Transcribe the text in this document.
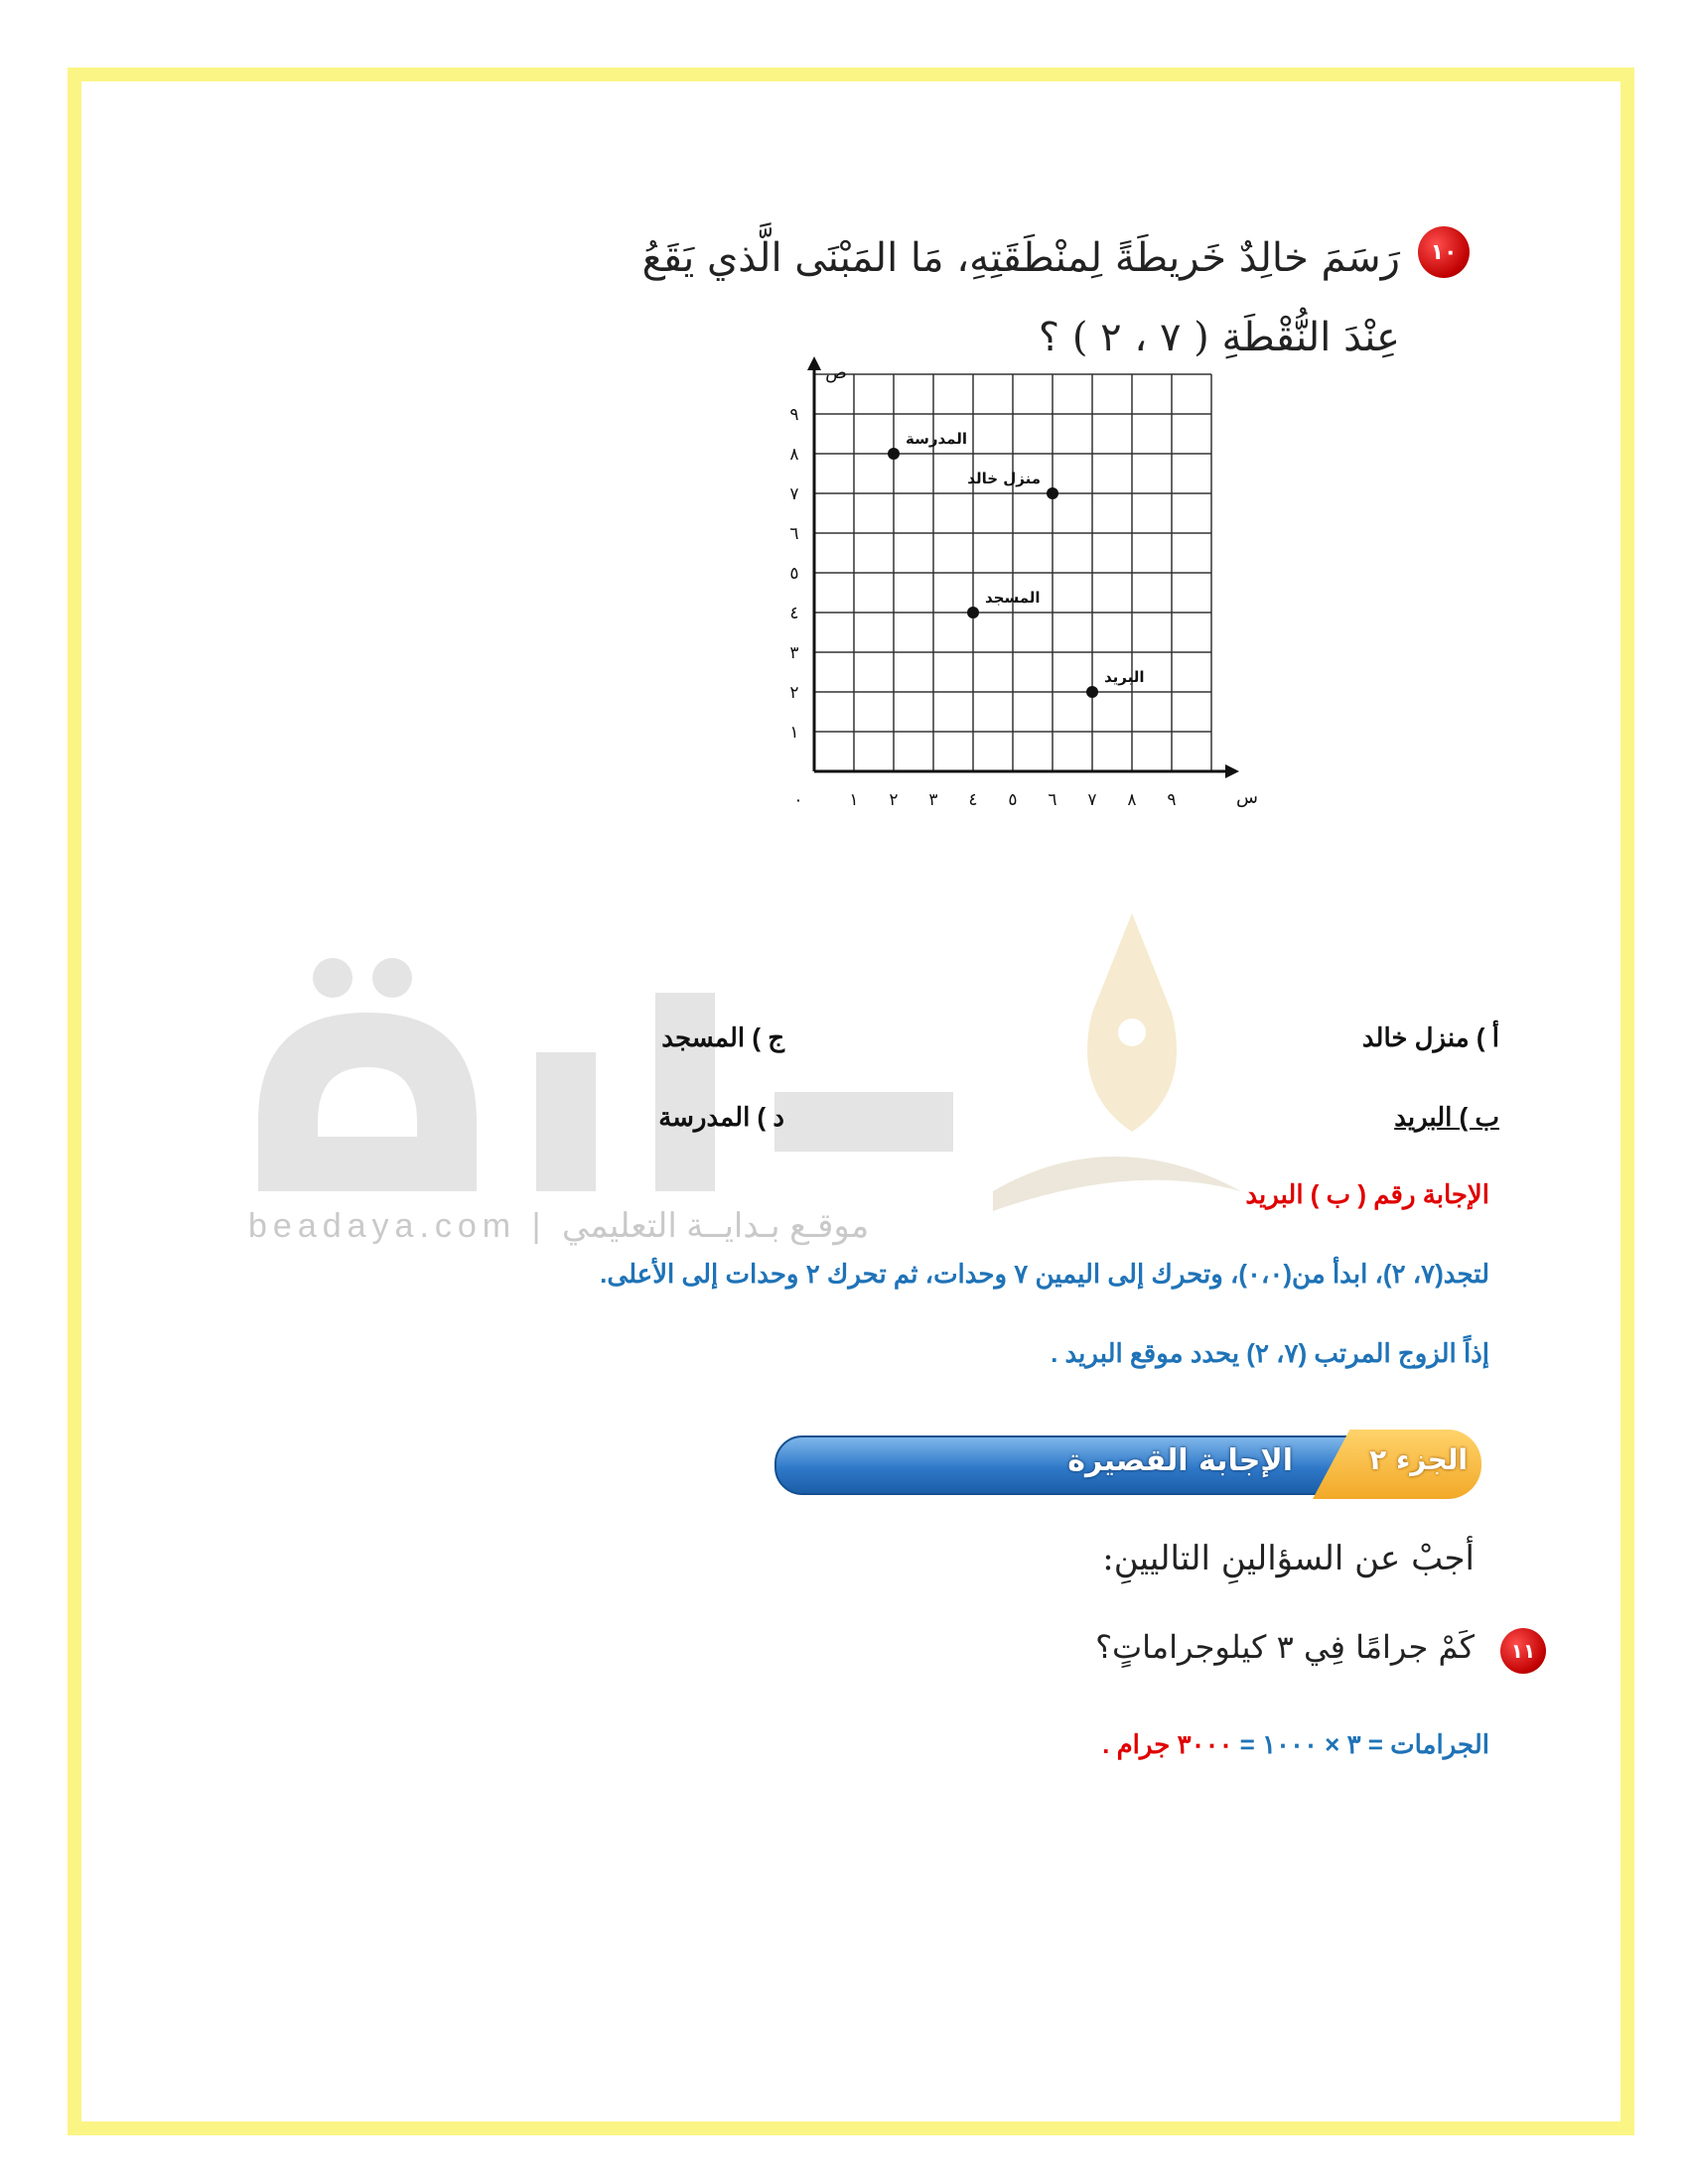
beadaya.com | موقـع بـدايــة التعليمي
١٠
رَسَمَ خالِدٌ خَريطَةً لِمنْطَقَتِهِ، مَا المَبْنَى الَّذي يَقَعُ
عِنْدَ النُّقْطَةِ ( ٧ ، ٢ ) ؟
س
ص
٠	١ ٢ ٣ ٤ ٥ ٦ ٧ ٨ ٩
١
٢
٣
٤
٥
٦
٧
٨
٩
المدرسة
منزل خالد
المسجد
البريد
أ ) منزل خالد
ج ) المسجد
ب ) البريد
د ) المدرسة
الإجابة رقم ( ب ) البريد
لتجد(٧، ٢)، ابدأ من(٠،٠)، وتحرك إلى اليمين ٧ وحدات، ثم تحرك ٢ وحدات إلى الأعلى.
إذاً الزوج المرتب (٧، ٢) يحدد موقع البريد .
الجزء ٢
الإجابة القصيرة
أجبْ عن السؤالينِ التاليينِ:
١١
كَمْ جرامًا فِي ٣ كيلوجراماتٍ؟
الجرامات = ٣ × ١٠٠٠ = ٣٠٠٠ جرام .
